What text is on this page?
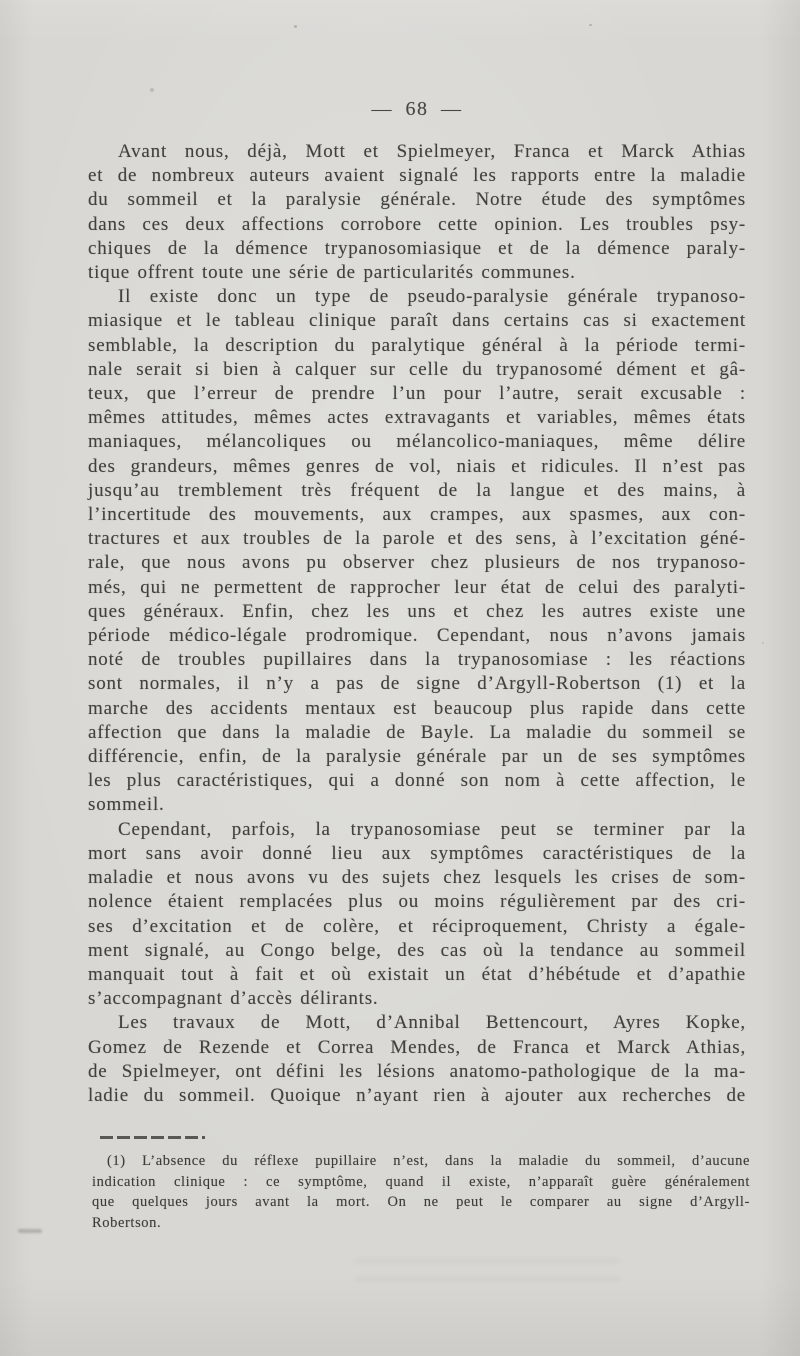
— 68 —
Avant nous, déjà, Mott et Spielmeyer, Franca et Marck Athias
et de nombreux auteurs avaient signalé les rapports entre la maladie
du sommeil et la paralysie générale. Notre étude des symptômes
dans ces deux affections corrobore cette opinion. Les troubles psy-
chiques de la démence trypanosomiasique et de la démence paraly-
tique offrent toute une série de particularités communes.
Il existe donc un type de pseudo-paralysie générale trypanoso-
miasique et le tableau clinique paraît dans certains cas si exactement
semblable, la description du paralytique général à la période termi-
nale serait si bien à calquer sur celle du trypanosomé dément et gâ-
teux, que l’erreur de prendre l’un pour l’autre, serait excusable :
mêmes attitudes, mêmes actes extravagants et variables, mêmes états
maniaques, mélancoliques ou mélancolico-maniaques, même délire
des grandeurs, mêmes genres de vol, niais et ridicules. Il n’est pas
jusqu’au tremblement très fréquent de la langue et des mains, à
l’incertitude des mouvements, aux crampes, aux spasmes, aux con-
tractures et aux troubles de la parole et des sens, à l’excitation géné-
rale, que nous avons pu observer chez plusieurs de nos trypanoso-
més, qui ne permettent de rapprocher leur état de celui des paralyti-
ques généraux. Enfin, chez les uns et chez les autres existe une
période médico-légale prodromique. Cependant, nous n’avons jamais
noté de troubles pupillaires dans la trypanosomiase : les réactions
sont normales, il n’y a pas de signe d’Argyll-Robertson (1) et la
marche des accidents mentaux est beaucoup plus rapide dans cette
affection que dans la maladie de Bayle. La maladie du sommeil se
différencie, enfin, de la paralysie générale par un de ses symptômes
les plus caractéristiques, qui a donné son nom à cette affection, le
sommeil.
Cependant, parfois, la trypanosomiase peut se terminer par la
mort sans avoir donné lieu aux symptômes caractéristiques de la
maladie et nous avons vu des sujets chez lesquels les crises de som-
nolence étaient remplacées plus ou moins régulièrement par des cri-
ses d’excitation et de colère, et réciproquement, Christy a égale-
ment signalé, au Congo belge, des cas où la tendance au sommeil
manquait tout à fait et où existait un état d’hébétude et d’apathie
s’accompagnant d’accès délirants.
Les travaux de Mott, d’Annibal Bettencourt, Ayres Kopke,
Gomez de Rezende et Correa Mendes, de Franca et Marck Athias,
de Spielmeyer, ont défini les lésions anatomo-pathologique de la ma-
ladie du sommeil. Quoique n’ayant rien à ajouter aux recherches de
(1) L’absence du réflexe pupillaire n’est, dans la maladie du sommeil, d’aucune
indication clinique : ce symptôme, quand il existe, n’apparaît guère généralement
que quelques jours avant la mort. On ne peut le comparer au signe d’Argyll-
Robertson.
